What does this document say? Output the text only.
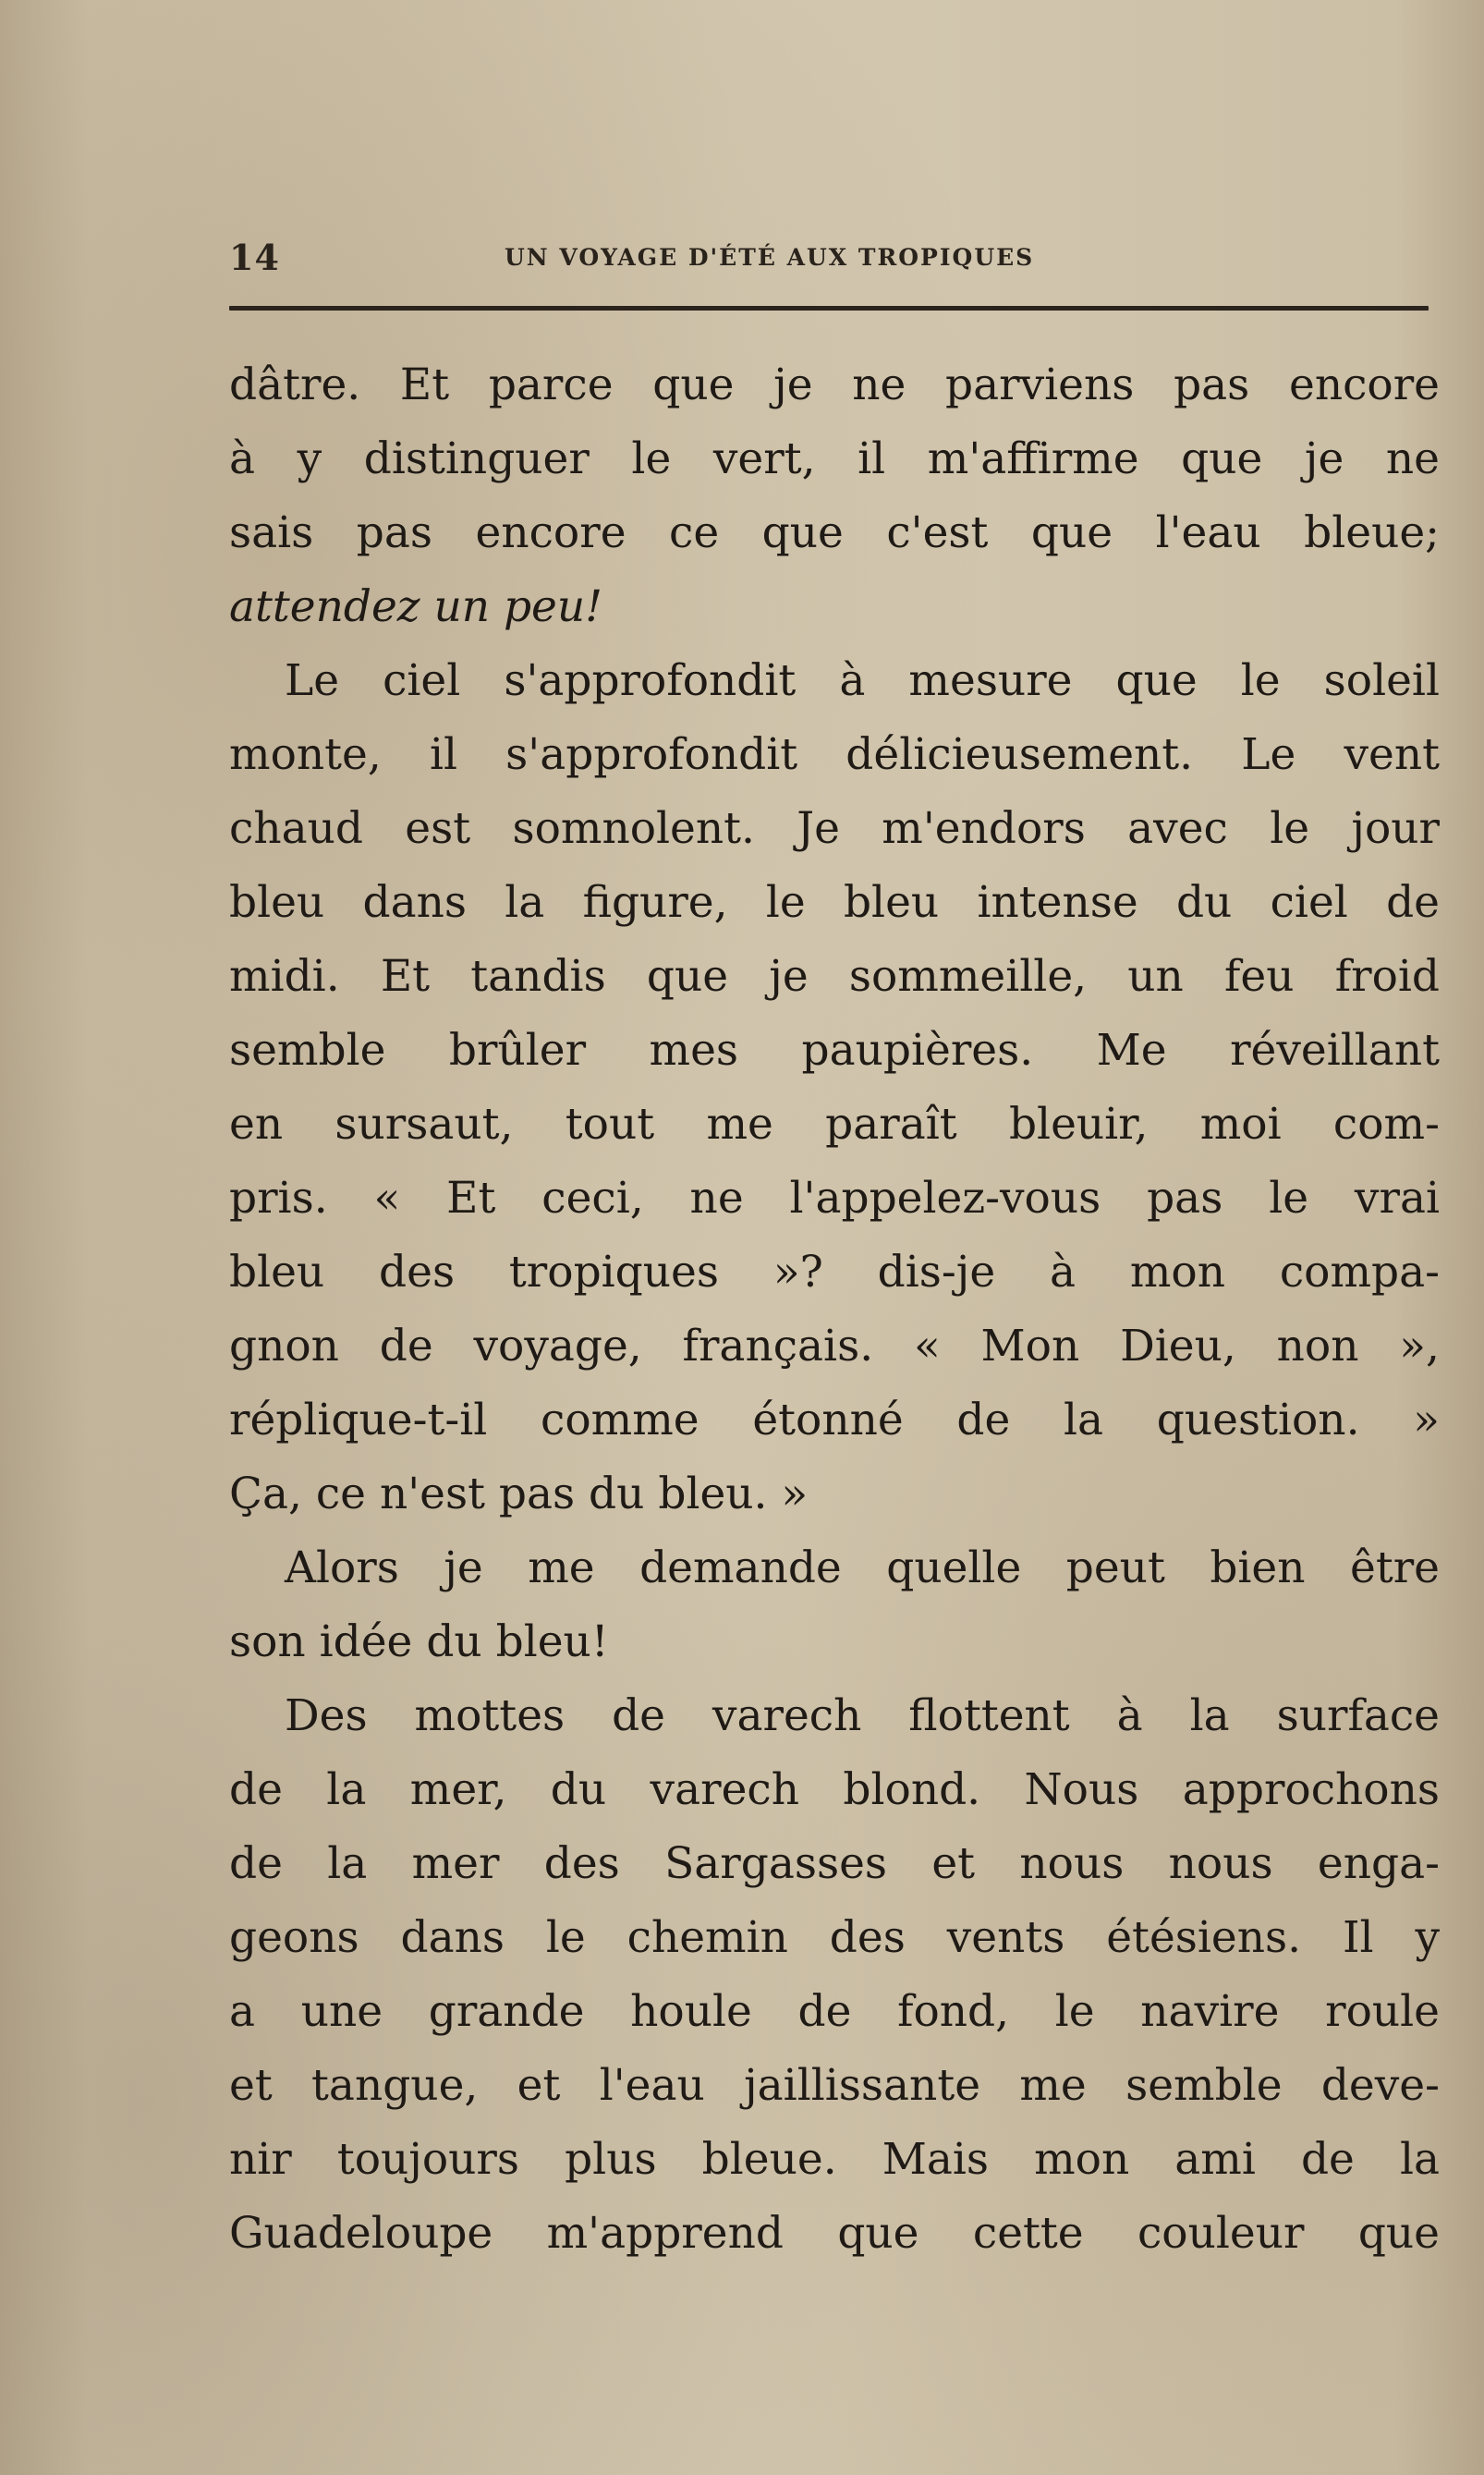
14	UN VOYAGE D'ÉTÉ AUX TROPIQUES
dâtre. Et parce que je ne parviens pas encore
à y distinguer le vert, il m'affirme que je ne
sais pas encore ce que c'est que l'eau bleue;
attendez un peu!
Le ciel s'approfondit à mesure que le soleil
monte, il s'approfondit délicieusement. Le vent
chaud est somnolent. Je m'endors avec le jour
bleu dans la figure, le bleu intense du ciel de
midi. Et tandis que je sommeille, un feu froid
semble brûler mes paupières. Me réveillant
en sursaut, tout me paraît bleuir, moi com-
pris. « Et ceci, ne l'appelez-vous pas le vrai
bleu des tropiques »? dis-je à mon compa-
gnon de voyage, français. « Mon Dieu, non »,
réplique-t-il comme étonné de la question. »
Ça, ce n'est pas du bleu. »
Alors je me demande quelle peut bien être
son idée du bleu!
Des mottes de varech flottent à la surface
de la mer, du varech blond. Nous approchons
de la mer des Sargasses et nous nous enga-
geons dans le chemin des vents étésiens. Il y
a une grande houle de fond, le navire roule
et tangue, et l'eau jaillissante me semble deve-
nir toujours plus bleue. Mais mon ami de la
Guadeloupe m'apprend que cette couleur que
